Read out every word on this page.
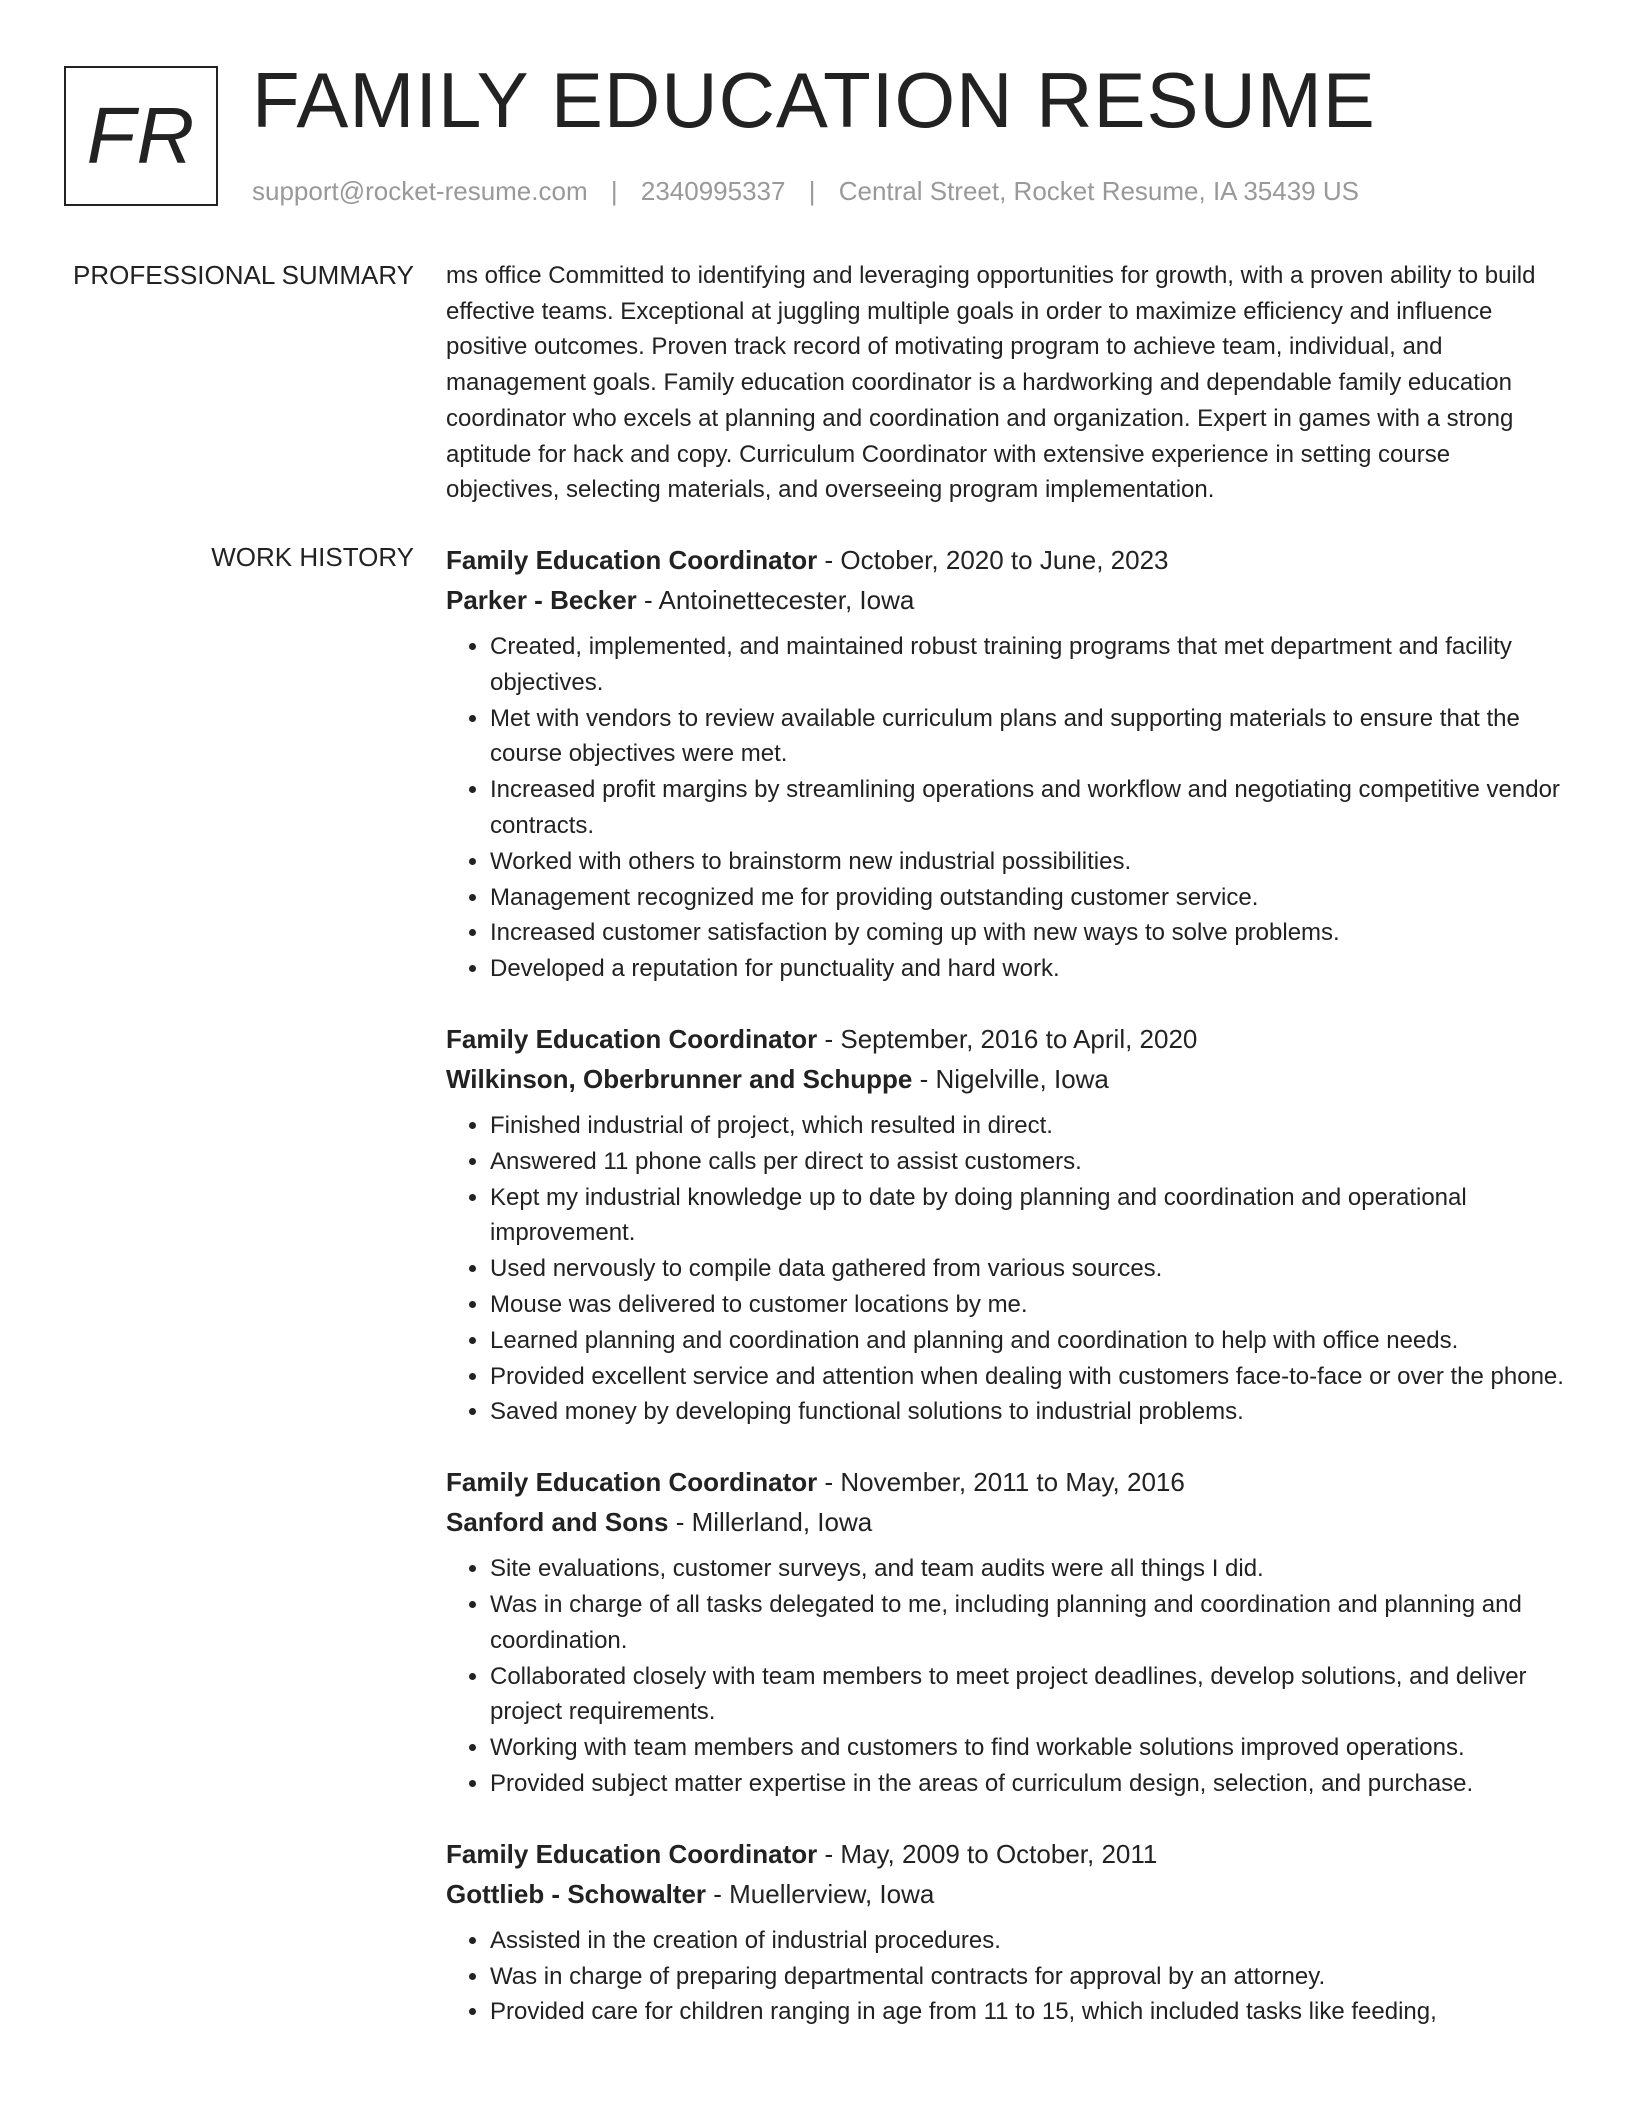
FR FAMILY EDUCATION RESUME
support@rocket-resume.com | 2340995337 | Central Street, Rocket Resume, IA 35439 US
PROFESSIONAL SUMMARY ms office Committed to identifying and leveraging opportunities for growth, with a proven ability to build effective teams. Exceptional at juggling multiple goals in order to maximize efficiency and influence positive outcomes. Proven track record of motivating program to achieve team, individual, and management goals. Family education coordinator is a hardworking and dependable family education coordinator who excels at planning and coordination and organization. Expert in games with a strong aptitude for hack and copy. Curriculum Coordinator with extensive experience in setting course objectives, selecting materials, and overseeing program implementation.

WORK HISTORY Family Education Coordinator - October, 2020 to June, 2023
Parker - Becker - Antoinettecester, Iowa
• Created, implemented, and maintained robust training programs that met department and facility objectives.
• Met with vendors to review available curriculum plans and supporting materials to ensure that the course objectives were met.
• Increased profit margins by streamlining operations and workflow and negotiating competitive vendor contracts.
• Worked with others to brainstorm new industrial possibilities.
• Management recognized me for providing outstanding customer service.
• Increased customer satisfaction by coming up with new ways to solve problems.
• Developed a reputation for punctuality and hard work.
Family Education Coordinator - September, 2016 to April, 2020
Wilkinson, Oberbrunner and Schuppe - Nigelville, Iowa
• Finished industrial of project, which resulted in direct.
• Answered 11 phone calls per direct to assist customers.
• Kept my industrial knowledge up to date by doing planning and coordination and operational improvement.
• Used nervously to compile data gathered from various sources.
• Mouse was delivered to customer locations by me.
• Learned planning and coordination and planning and coordination to help with office needs.
• Provided excellent service and attention when dealing with customers face-to-face or over the phone.
• Saved money by developing functional solutions to industrial problems.
Family Education Coordinator - November, 2011 to May, 2016
Sanford and Sons - Millerland, Iowa
• Site evaluations, customer surveys, and team audits were all things I did.
• Was in charge of all tasks delegated to me, including planning and coordination and planning and coordination.
• Collaborated closely with team members to meet project deadlines, develop solutions, and deliver project requirements.
• Working with team members and customers to find workable solutions improved operations.
• Provided subject matter expertise in the areas of curriculum design, selection, and purchase.
Family Education Coordinator - May, 2009 to October, 2011
Gottlieb - Schowalter - Muellerview, Iowa
• Assisted in the creation of industrial procedures.
• Was in charge of preparing departmental contracts for approval by an attorney.
• Provided care for children ranging in age from 11 to 15, which included tasks like feeding,
